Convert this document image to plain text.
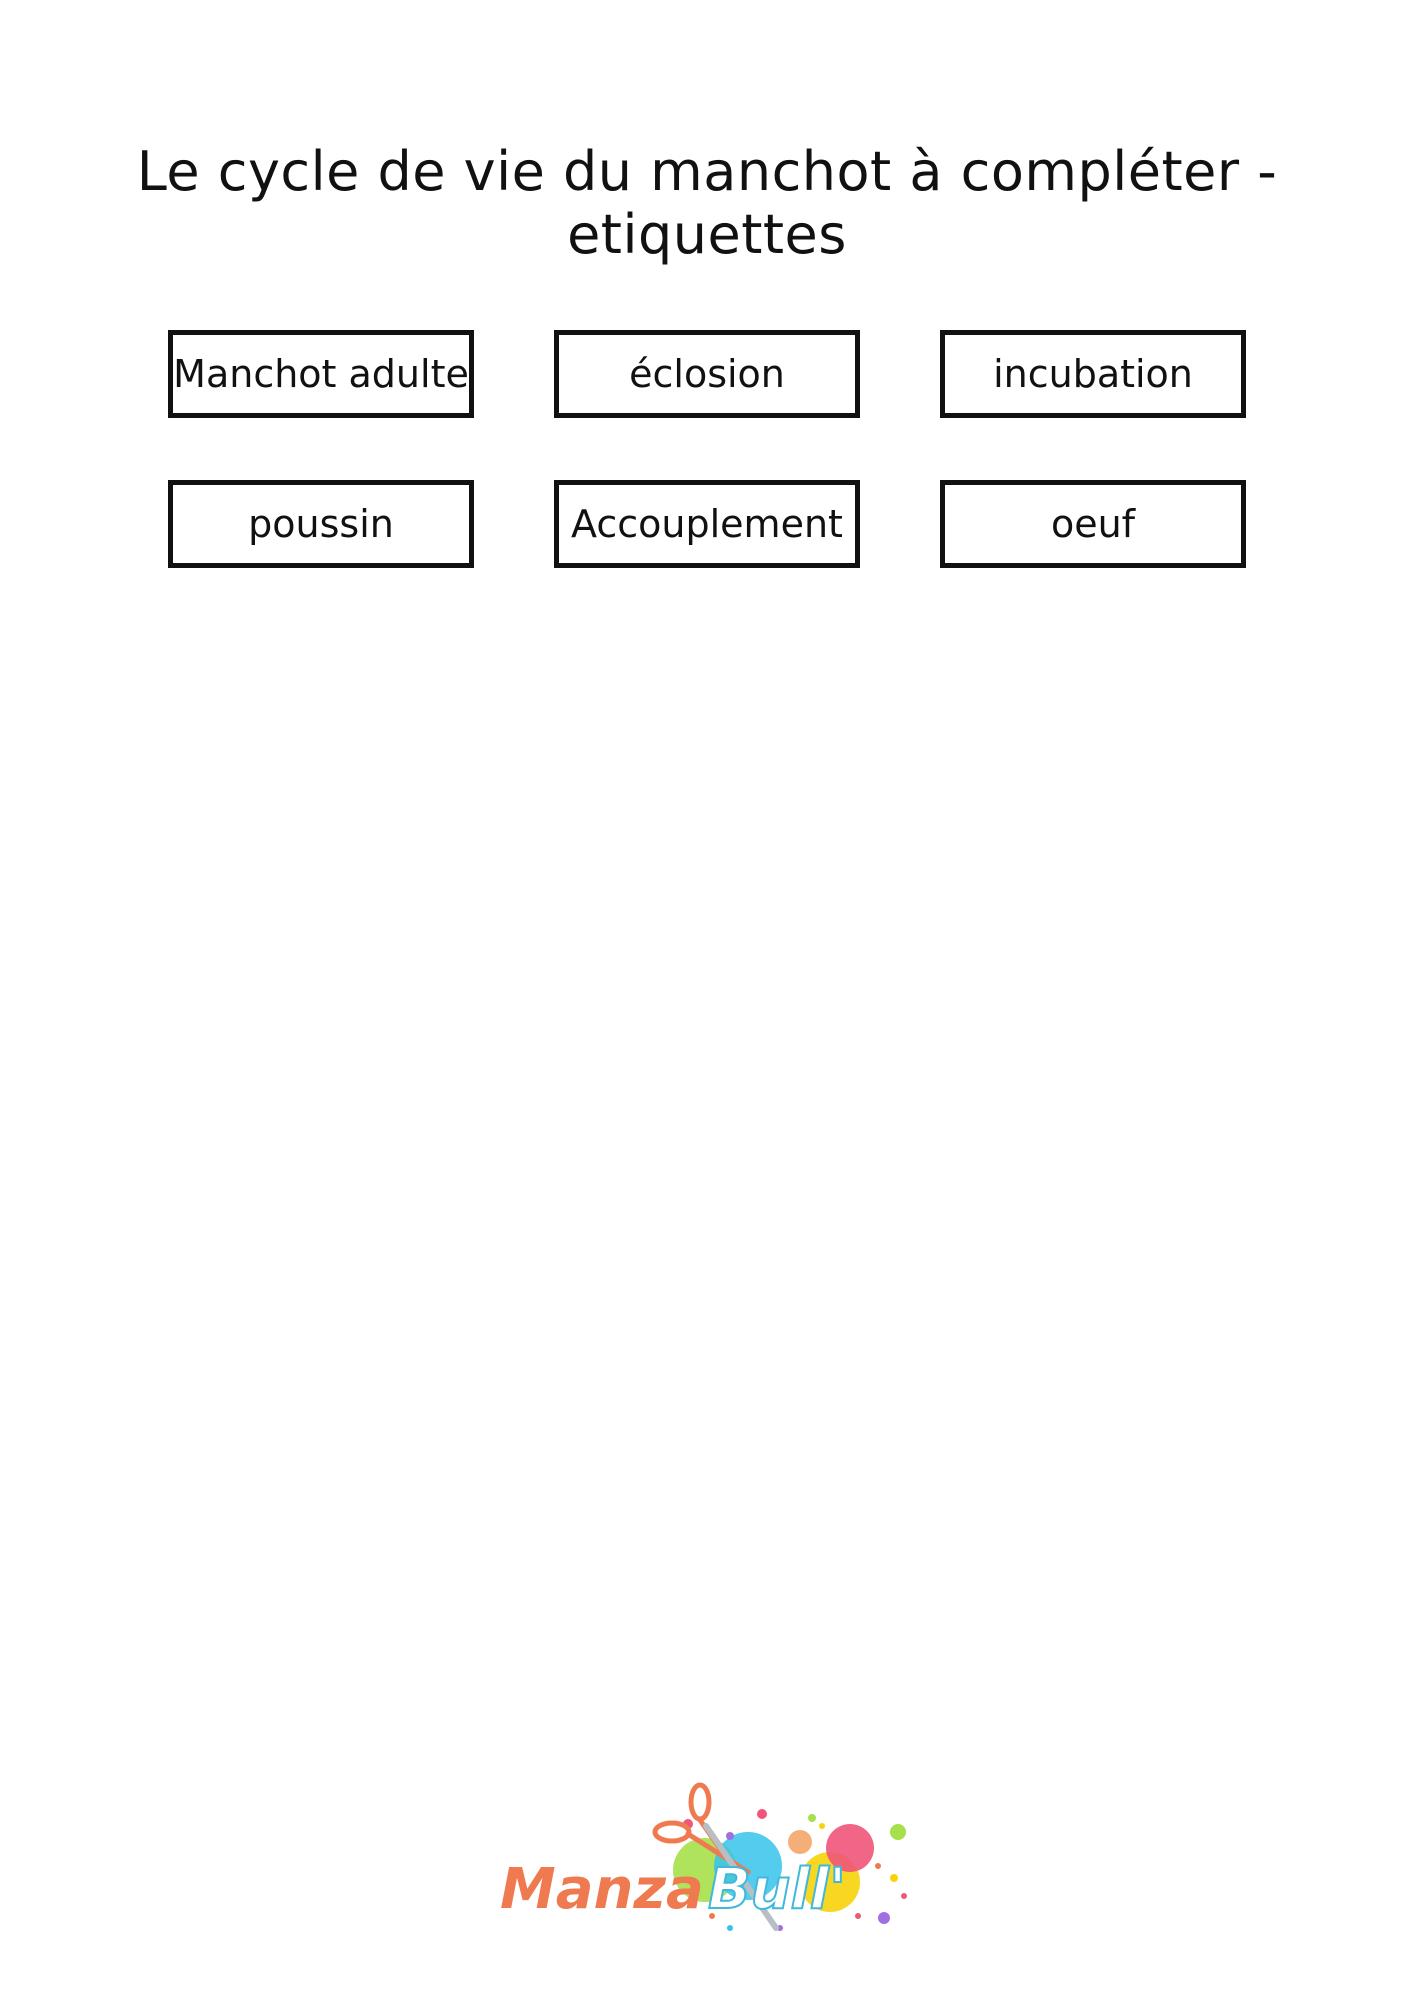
Le cycle de vie du manchot à compléter - etiquettes
Manchot adulte	éclosion	incubation
poussin	Accouplement	oeuf
Manza Bull'
